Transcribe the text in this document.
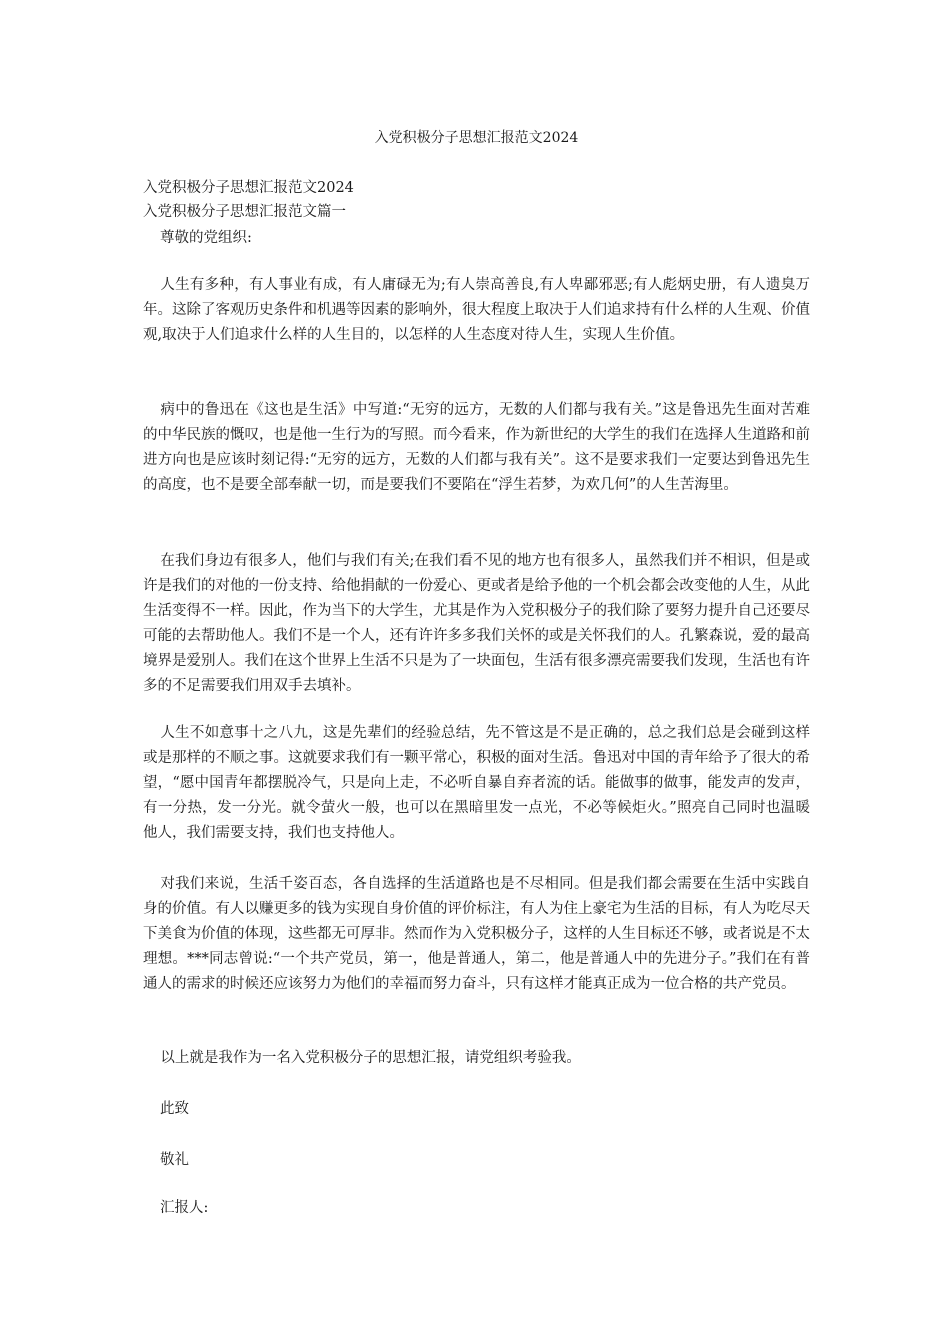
入党积极分子思想汇报范文2024
入党积极分子思想汇报范文2024
入党积极分子思想汇报范文篇一
尊敬的党组织:

人生有多种，有人事业有成，有人庸碌无为;有人崇高善良,有人卑鄙邪恶;有人彪炳史册，有人遗臭万年。这除了客观历史条件和机遇等因素的影响外，很大程度上取决于人们追求持有什么样的人生观、价值观,取决于人们追求什么样的人生目的，以怎样的人生态度对待人生，实现人生价值。

病中的鲁迅在《这也是生活》中写道:“无穷的远方，无数的人们都与我有关。”这是鲁迅先生面对苦难的中华民族的慨叹，也是他一生行为的写照。而今看来，作为新世纪的大学生的我们在选择人生道路和前进方向也是应该时刻记得:“无穷的远方，无数的人们都与我有关”。这不是要求我们一定要达到鲁迅先生的高度，也不是要全部奉献一切，而是要我们不要陷在“浮生若梦，为欢几何”的人生苦海里。

在我们身边有很多人，他们与我们有关;在我们看不见的地方也有很多人，虽然我们并不相识，但是或许是我们的对他的一份支持、给他捐献的一份爱心、更或者是给予他的一个机会都会改变他的人生，从此生活变得不一样。因此，作为当下的大学生，尤其是作为入党积极分子的我们除了要努力提升自己还要尽可能的去帮助他人。我们不是一个人，还有许许多多我们关怀的或是关怀我们的人。孔繁森说，爱的最高境界是爱别人。我们在这个世界上生活不只是为了一块面包，生活有很多漂亮需要我们发现，生活也有许多的不足需要我们用双手去填补。

人生不如意事十之八九，这是先辈们的经验总结，先不管这是不是正确的，总之我们总是会碰到这样或是那样的不顺之事。这就要求我们有一颗平常心，积极的面对生活。鲁迅对中国的青年给予了很大的希望，“愿中国青年都摆脱冷气，只是向上走，不必听自暴自弃者流的话。能做事的做事，能发声的发声，有一分热，发一分光。就令萤火一般，也可以在黑暗里发一点光，不必等候炬火。”照亮自己同时也温暖他人，我们需要支持，我们也支持他人。

对我们来说，生活千姿百态，各自选择的生活道路也是不尽相同。但是我们都会需要在生活中实践自身的价值。有人以赚更多的钱为实现自身价值的评价标注，有人为住上豪宅为生活的目标，有人为吃尽天下美食为价值的体现，这些都无可厚非。然而作为入党积极分子，这样的人生目标还不够，或者说是不太理想。***同志曾说:“一个共产党员，第一，他是普通人，第二，他是普通人中的先进分子。”我们在有普通人的需求的时候还应该努力为他们的幸福而努力奋斗，只有这样才能真正成为一位合格的共产党员。

以上就是我作为一名入党积极分子的思想汇报，请党组织考验我。

此致
敬礼
汇报人:
